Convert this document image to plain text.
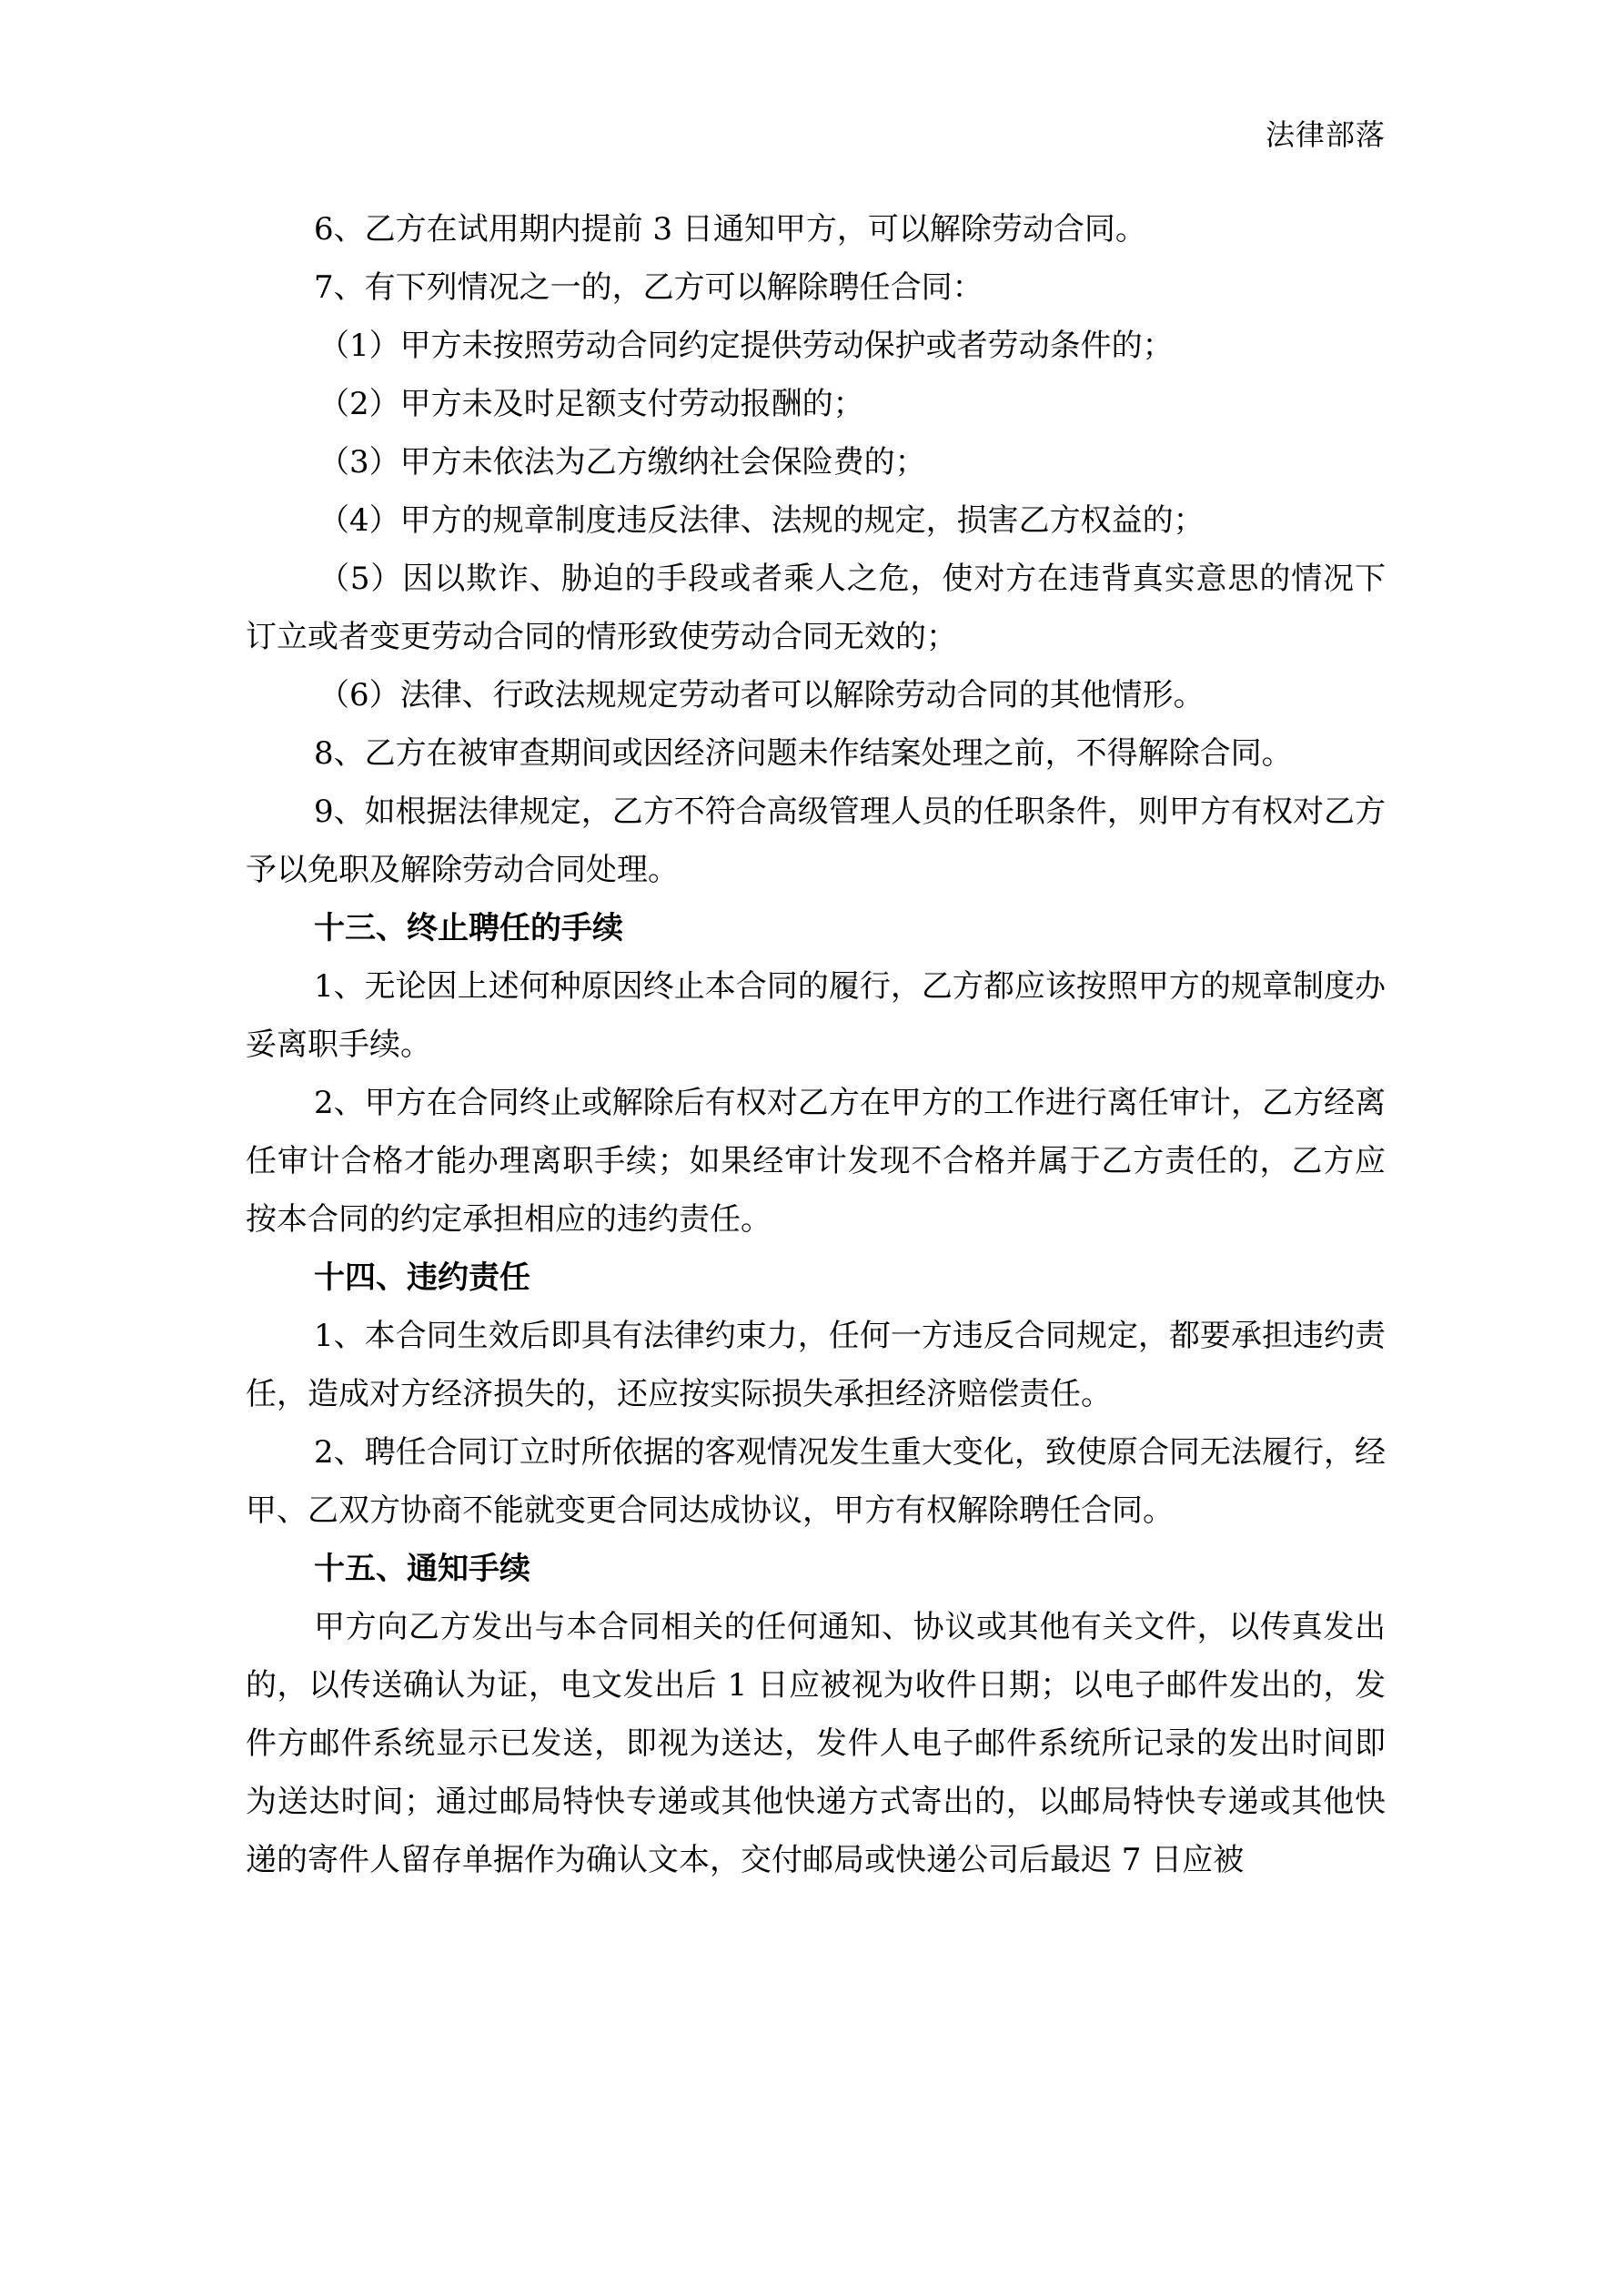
法律部落

6、乙方在试用期内提前 3 日通知甲方，可以解除劳动合同。

7、有下列情况之一的，乙方可以解除聘任合同：

（1）甲方未按照劳动合同约定提供劳动保护或者劳动条件的；

（2）甲方未及时足额支付劳动报酬的；

（3）甲方未依法为乙方缴纳社会保险费的；

（4）甲方的规章制度违反法律、法规的规定，损害乙方权益的；

（5）因以欺诈、胁迫的手段或者乘人之危，使对方在违背真实意思的情况下订立或者变更劳动合同的情形致使劳动合同无效的；

（6）法律、行政法规规定劳动者可以解除劳动合同的其他情形。

8、乙方在被审查期间或因经济问题未作结案处理之前，不得解除合同。

9、如根据法律规定，乙方不符合高级管理人员的任职条件，则甲方有权对乙方予以免职及解除劳动合同处理。

十三、终止聘任的手续

1、无论因上述何种原因终止本合同的履行，乙方都应该按照甲方的规章制度办妥离职手续。

2、甲方在合同终止或解除后有权对乙方在甲方的工作进行离任审计，乙方经离任审计合格才能办理离职手续；如果经审计发现不合格并属于乙方责任的，乙方应按本合同的约定承担相应的违约责任。

十四、违约责任

1、本合同生效后即具有法律约束力，任何一方违反合同规定，都要承担违约责任，造成对方经济损失的，还应按实际损失承担经济赔偿责任。

2、聘任合同订立时所依据的客观情况发生重大变化，致使原合同无法履行，经甲、乙双方协商不能就变更合同达成协议，甲方有权解除聘任合同。

十五、通知手续

甲方向乙方发出与本合同相关的任何通知、协议或其他有关文件，以传真发出的，以传送确认为证，电文发出后 1 日应被视为收件日期；以电子邮件发出的，发件方邮件系统显示已发送，即视为送达，发件人电子邮件系统所记录的发出时间即为送达时间；通过邮局特快专递或其他快递方式寄出的，以邮局特快专递或其他快递的寄件人留存单据作为确认文本，交付邮局或快递公司后最迟 7 日应被
